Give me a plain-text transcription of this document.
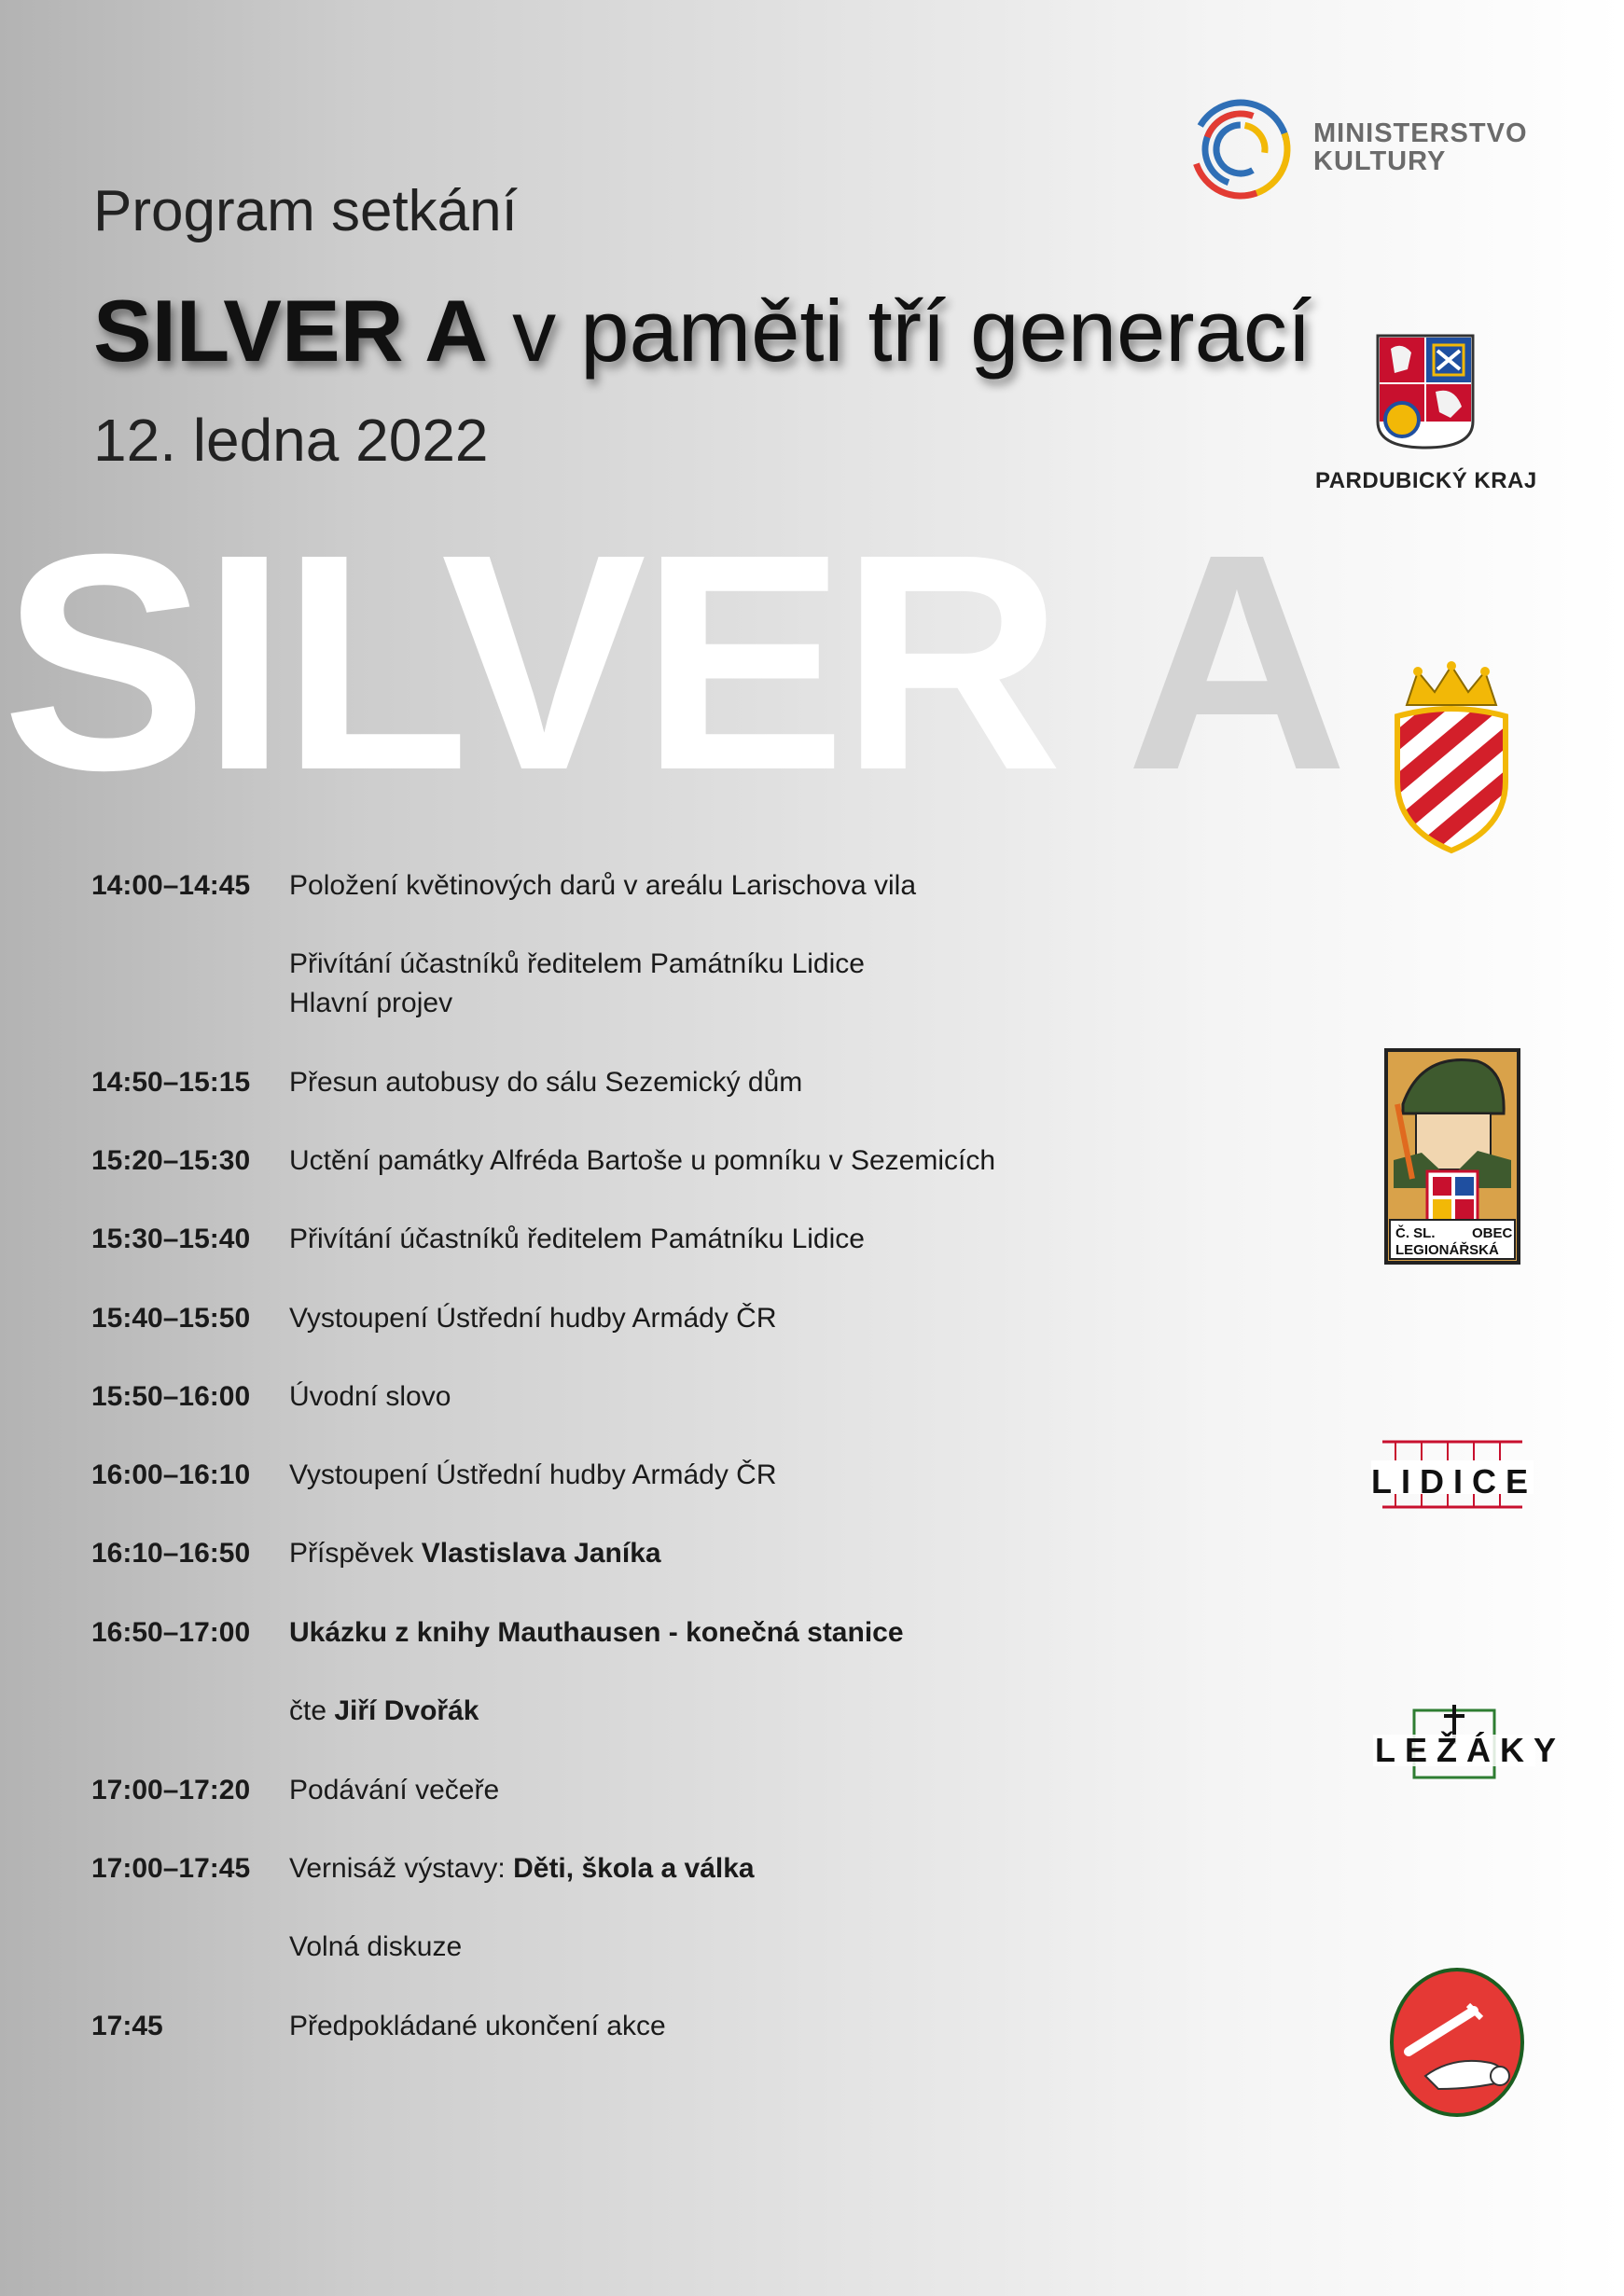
Program setkání
SILVER A v paměti tří generací
12. ledna 2022
SILVER A
14:00–14:45 Položení květinových darů v areálu Larischova vila
Přivítání účastníků ředitelem Památníku Lidice
Hlavní projev
14:50–15:15 Přesun autobusy do sálu Sezemický dům
15:20–15:30 Uctění památky Alfréda Bartoše u pomníku v Sezemicích
15:30–15:40 Přivítání účastníků ředitelem Památníku Lidice
15:40–15:50 Vystoupení Ústřední hudby Armády ČR
15:50–16:00 Úvodní slovo
16:00–16:10 Vystoupení Ústřední hudby Armády ČR
16:10–16:50 Příspěvek Vlastislava Janíka
16:50–17:00 Ukázku z knihy Mauthausen - konečná stanice
čte Jiří Dvořák
17:00–17:20 Podávání večeře
17:00–17:45 Vernisáž výstavy: Děti, škola a válka
Volná diskuze
17:45	Předpokládané ukončení akce
MINISTERSTVO
KULTURY
PARDUBICKÝ KRAJ
Č. SL.	OBEC
LEGIONÁŘSKÁ
LIDICE
LEŽÁKY
